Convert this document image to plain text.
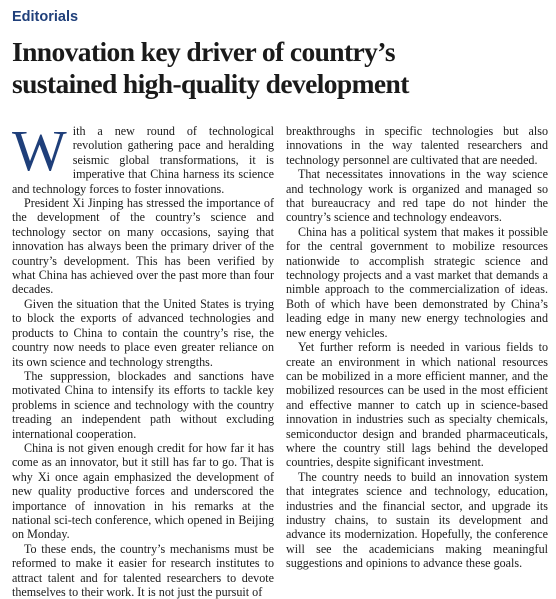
Editorials
Innovation key driver of country’s
sustained high-quality development

With a new round of technological revolution gathering pace and heralding seismic global transformations, it is imperative that China harness its science and technology forces to foster innovations.

President Xi Jinping has stressed the importance of the development of the country’s science and technology sector on many occasions, saying that innovation has always been the primary driver of the country’s development. This has been verified by what China has achieved over the past more than four decades.

Given the situation that the United States is trying to block the exports of advanced technologies and products to China to contain the country’s rise, the country now needs to place even greater reliance on its own science and technology strengths.

The suppression, blockades and sanctions have motivated China to intensify its efforts to tackle key problems in science and technology with the country treading an independent path without excluding international cooperation.

China is not given enough credit for how far it has come as an innovator, but it still has far to go. That is why Xi once again emphasized the development of new quality productive forces and underscored the importance of innovation in his remarks at the national sci-tech conference, which opened in Beijing on Monday.

To these ends, the country’s mechanisms must be reformed to make it easier for research institutes to attract talent and for talented researchers to devote themselves to their work. It is not just the pursuit of

breakthroughs in specific technologies but also innovations in the way talented researchers and technology personnel are cultivated that are needed.

That necessitates innovations in the way science and technology work is organized and managed so that bureaucracy and red tape do not hinder the country’s science and technology endeavors.

China has a political system that makes it possible for the central government to mobilize resources nationwide to accomplish strategic science and technology projects and a vast market that demands a nimble approach to the commercialization of ideas. Both of which have been demonstrated by China’s leading edge in many new energy technologies and new energy vehicles.

Yet further reform is needed in various fields to create an environment in which national resources can be mobilized in a more efficient manner, and the mobilized resources can be used in the most efficient and effective manner to catch up in science-based innovation in industries such as specialty chemicals, semiconductor design and branded pharmaceuticals, where the country still lags behind the developed countries, despite significant investment.

The country needs to build an innovation system that integrates science and technology, education, industries and the financial sector, and upgrade its industry chains, to sustain its development and advance its modernization. Hopefully, the conference will see the academicians making meaningful suggestions and opinions to advance these goals.
